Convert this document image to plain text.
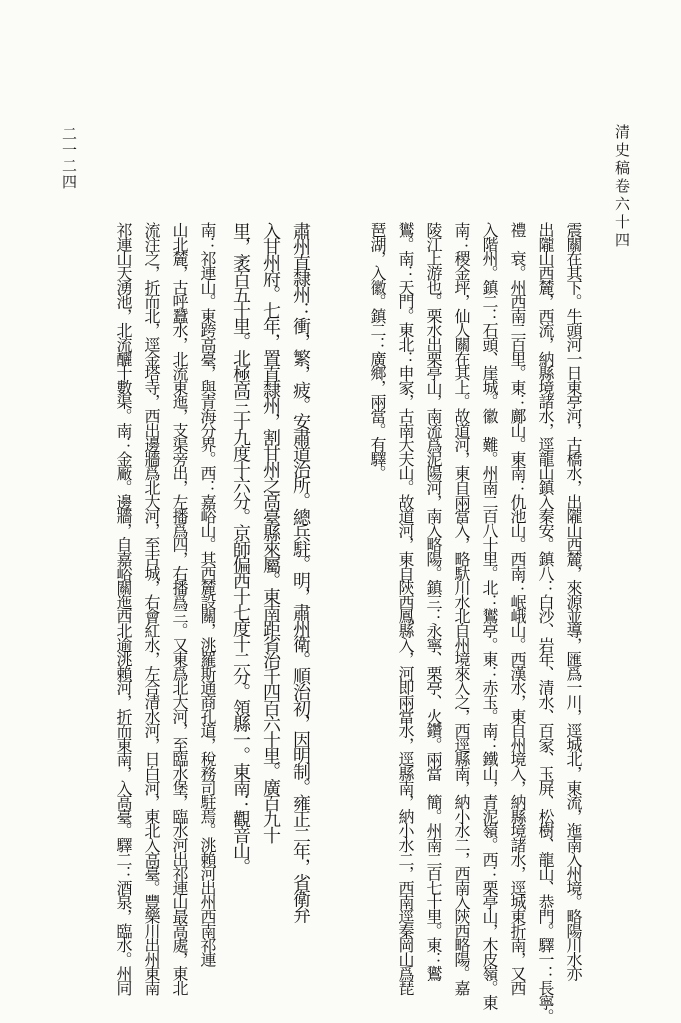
清史稿卷六十四
二一二四
震關在其下。牛頭河一日東亭河，古橋水，出隴山西麓，來源並導，匯爲一川，逕城北，東流，迤南入州境。略陽川水亦
出隴山西麓，西流，納縣境諸水，逕龍山鎮入秦安。鎮八：白沙、岩年、清水、百家、玉屏、松樹、龍山、恭門。驛一：長寧。
禮　衰。州西南二百里。東：鄺山。東南：仇池山。西南：岷峨山。西漢水，東自州境入，納縣境諸水，逕城東折南，又西
入階州。鎮二：石頭、崖城。徽　難。州南二百八十里。北：鸑亭。東：赤玉。南：鐵山，青泥嶺。西：栗亭山，木皮嶺。東
南：稷金坪，仙人關在其上。故道河，東自兩當入，略馱川水北自州境來入之，西逕縣南，納小水二，西南入陝西略陽。嘉
陵江上游也。栗水出栗亭山，南流爲泥陽河，南入略陽。鎮三：永寧、栗亭、火鑽。兩當　簡。州南二百七十里。東：鸑
鸑。南：天門。東北：申家，古南大夫山。故道河，東自陝西鳳縣入，河即兩當水，逕縣南，納小水二，西南逕秦岡山爲琵
琶湖，入徽。鎮二：廣鄉，兩當。有驛。
肅州直隸州：衝，繁，疲。安肅道治所。總兵駐。明，肅州衛。順治初，因明制。雍正二年，省衛弁
入甘州府。七年，置直隸州，割甘州之高臺縣來屬。東南距省治千四百六十里。廣百九十
里，袤百五十里。北極高三十九度十六分。京師偏西十七度十二分。領縣一。東南：觀音山。
南：祁連山。東跨高臺，與青海分界。西：嘉峪山。其西麓設關，洮羅斯通商孔道，稅務司駐焉。洮賴河出州西南祁連
山北麓，古呼蠶水，北流東迤，支渠旁出，左播爲四，右播爲三。又東爲北大河，至臨水堡，臨水河出祁連山最高處，東北
流注之，折而北，逕金塔寺，西出邊牆爲北大河，至古城，右會紅水，左合清水河，日白河，東北入高臺。豐樂川出州東南
祁連山天湧池，北流釃十數渠。南：金廠。邊牆，自嘉峪關迤西北逾洮賴河，折而東南，入高臺。驛二：酒泉，臨水。州同
